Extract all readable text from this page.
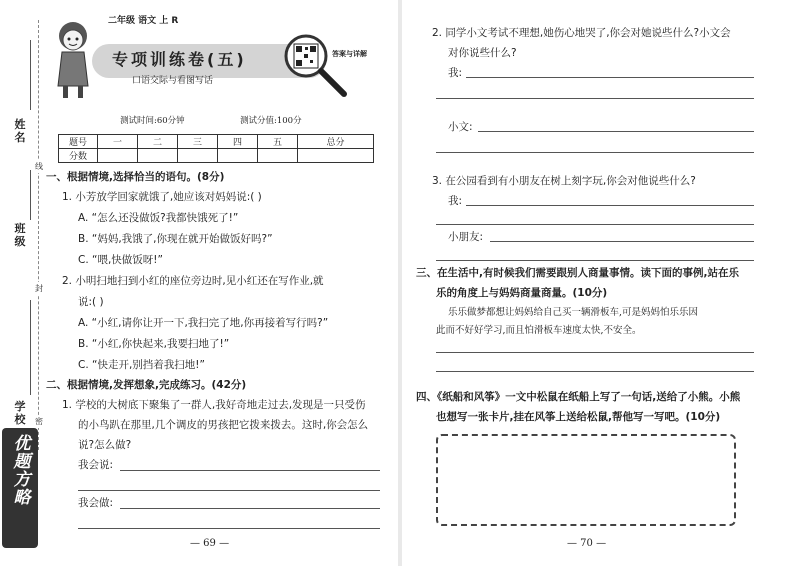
姓名
班级
学校
线
封
密
优题方略
二年级 语文 上 R
专项训练卷(五)
口语交际与看图写话
答案与详解
测试时间:60分钟	测试分值:100分
题号	一	二	三	四	五	总分
分数						
一、根据情境,选择恰当的语句。(8分)
1. 小芳放学回家就饿了,她应该对妈妈说:( )
A. “怎么还没做饭?我都快饿死了!”
B. “妈妈,我饿了,你现在就开始做饭好吗?”
C. “喂,快做饭呀!”
2. 小明扫地扫到小红的座位旁边时,见小红还在写作业,就
说:( )
A. “小红,请你让开一下,我扫完了地,你再接着写行吗?”
B. “小红,你快起来,我要扫地了!”
C. “快走开,别挡着我扫地!”
二、根据情境,发挥想象,完成练习。(42分)
1. 学校的大树底下聚集了一群人,我好奇地走过去,发现是一只受伤
的小鸟趴在那里,几个调皮的男孩把它拨来拨去。这时,你会怎么
说?怎么做?
我会说:
我会做:
— 69 —
2. 同学小文考试不理想,她伤心地哭了,你会对她说些什么?小文会
对你说些什么?
我:
小文:
3. 在公园看到有小朋友在树上刻字玩,你会对他说些什么?
我:
小朋友:
三、在生活中,有时候我们需要跟别人商量事情。读下面的事例,站在乐
乐的角度上与妈妈商量商量。(10分)
乐乐做梦都想让妈妈给自己买一辆滑板车,可是妈妈怕乐乐因
此而不好好学习,而且怕滑板车速度太快,不安全。
四、《纸船和风筝》一文中松鼠在纸船上写了一句话,送给了小熊。小熊
也想写一张卡片,挂在风筝上送给松鼠,帮他写一写吧。(10分)
— 70 —
